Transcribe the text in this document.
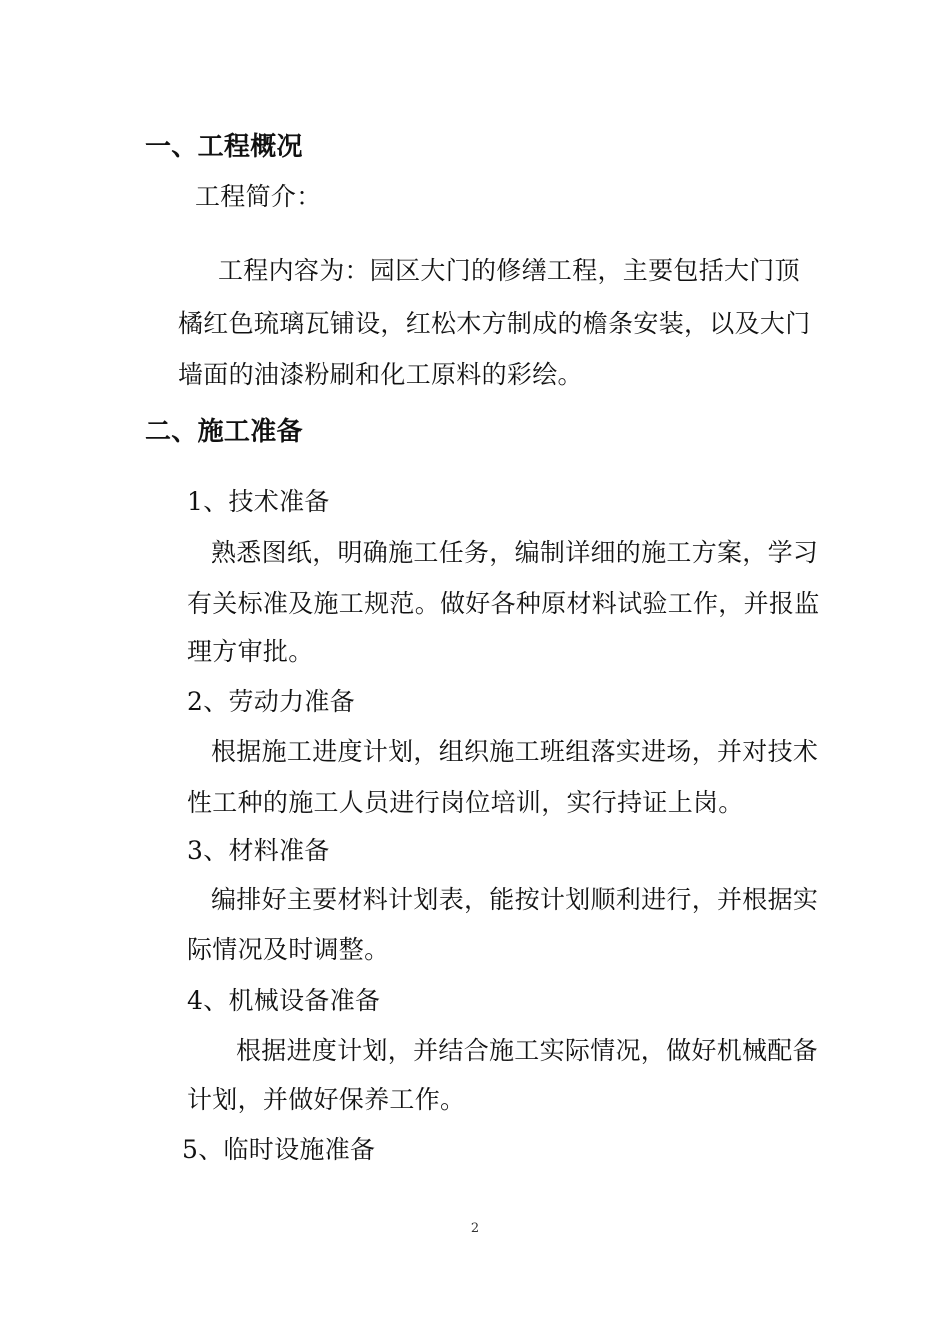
一、工程概况
工程简介：
工程内容为：园区大门的修缮工程，主要包括大门顶
橘红色琉璃瓦铺设，红松木方制成的檐条安装，以及大门
墙面的油漆粉刷和化工原料的彩绘。
二、施工准备
1、技术准备
熟悉图纸，明确施工任务，编制详细的施工方案，学习
有关标准及施工规范。做好各种原材料试验工作，并报监
理方审批。
2、劳动力准备
根据施工进度计划，组织施工班组落实进场，并对技术
性工种的施工人员进行岗位培训，实行持证上岗。
3、材料准备
编排好主要材料计划表，能按计划顺利进行，并根据实
际情况及时调整。
4、机械设备准备
根据进度计划，并结合施工实际情况，做好机械配备
计划，并做好保养工作。
5、临时设施准备
2
